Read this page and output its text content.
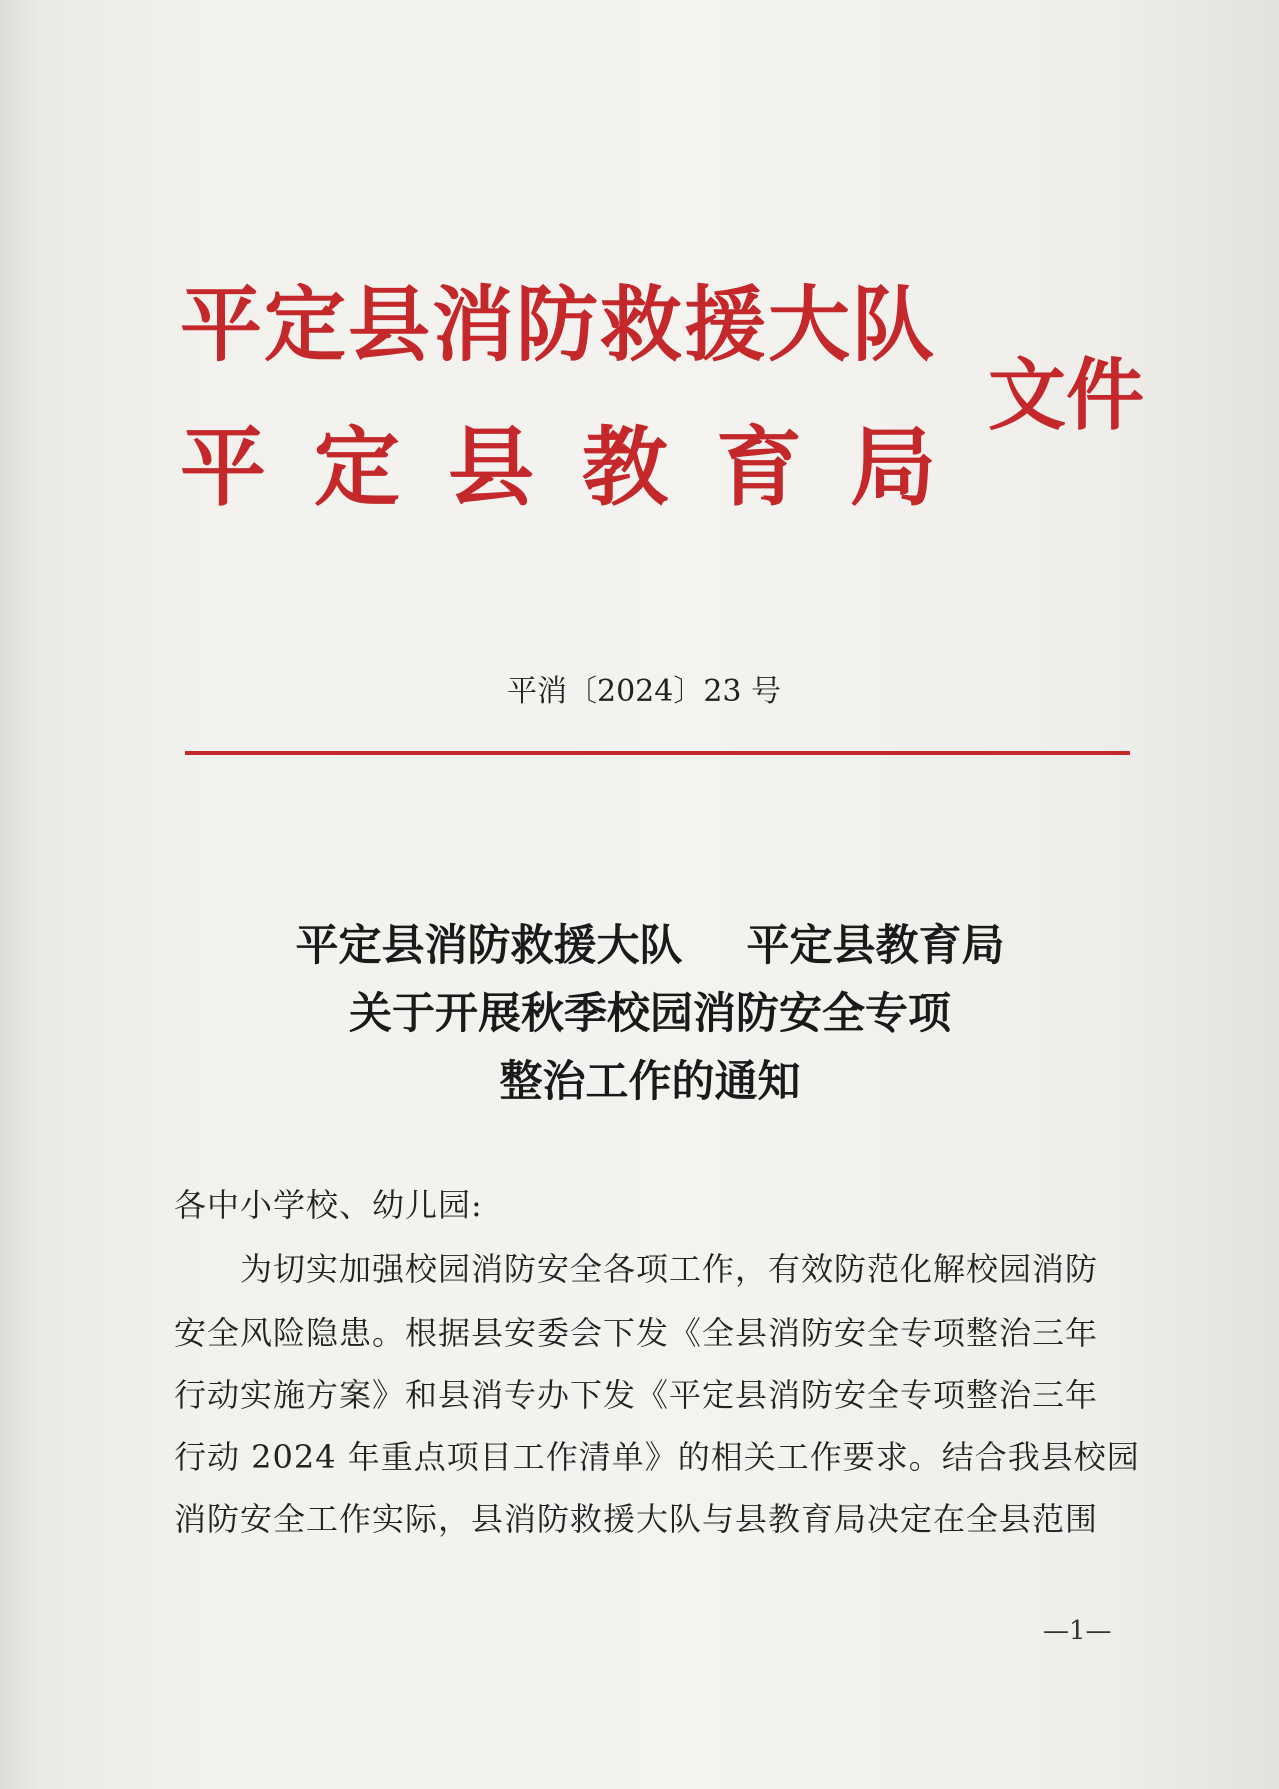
平定县消防救援大队
平定县教育局
文件
平消〔2024〕23 号
平定县消防救援大队 平定县教育局
关于开展秋季校园消防安全专项
整治工作的通知
各中小学校、幼儿园:
为切实加强校园消防安全各项工作，有效防范化解校园消防
安全风险隐患。根据县安委会下发《全县消防安全专项整治三年
行动实施方案》和县消专办下发《平定县消防安全专项整治三年
行动 2024 年重点项目工作清单》的相关工作要求。结合我县校园
消防安全工作实际，县消防救援大队与县教育局决定在全县范围
—1—
